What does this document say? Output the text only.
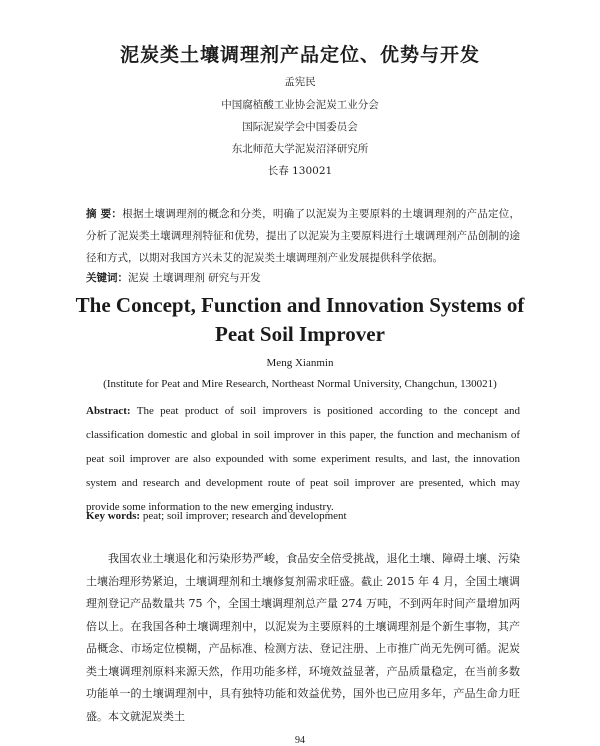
泥炭类土壤调理剂产品定位、优势与开发
孟宪民
中国腐植酸工业协会泥炭工业分会
国际泥炭学会中国委员会
东北师范大学泥炭沼泽研究所
长春 130021
摘 要：根据土壤调理剂的概念和分类，明确了以泥炭为主要原料的土壤调理剂的产品定位，分析了泥炭类土壤调理剂特征和优势，提出了以泥炭为主要原料进行土壤调理剂产品创制的途径和方式，以期对我国方兴未艾的泥炭类土壤调理剂产业发展提供科学依据。
关键词：泥炭 土壤调理剂 研究与开发
The Concept, Function and Innovation Systems of
Peat Soil Improver
Meng Xianmin
(Institute for Peat and Mire Research, Northeast Normal University, Changchun, 130021)
Abstract: The peat product of soil improvers is positioned according to the concept and classification domestic and global in soil improver in this paper, the function and mechanism of peat soil improver are also expounded with some experiment results, and last, the innovation system and research and development route of peat soil improver are presented, which may provide some information to the new emerging industry.
Key words: peat; soil improver; research and development
我国农业土壤退化和污染形势严峻，食品安全倍受挑战，退化土壤、障碍土壤、污染土壤治理形势紧迫，土壤调理剂和土壤修复剂需求旺盛。截止 2015 年 4 月，全国土壤调理剂登记产品数量共 75 个，全国土壤调理剂总产量 274 万吨，不到两年时间产量增加两倍以上。在我国各种土壤调理剂中，以泥炭为主要原料的土壤调理剂是个新生事物，其产品概念、市场定位模糊，产品标准、检测方法、登记注册、上市推广尚无先例可循。泥炭类土壤调理剂原料来源天然，作用功能多样，环境效益显著，产品质量稳定，在当前多数功能单一的土壤调理剂中，具有独特功能和效益优势，国外也已应用多年，产品生命力旺盛。本文就泥炭类土
94
